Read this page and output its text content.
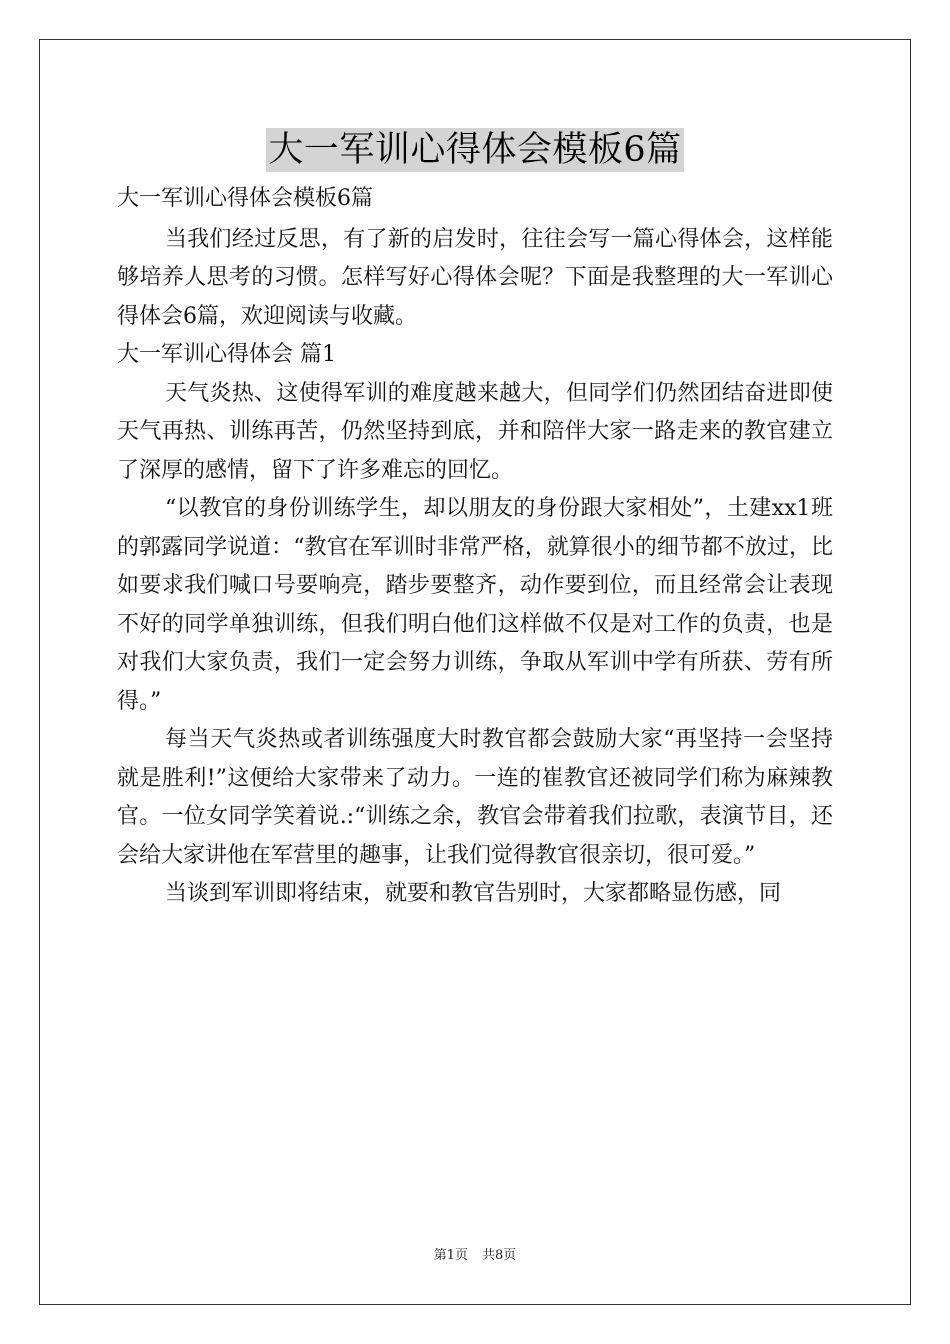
大一军训心得体会模板6篇

大一军训心得体会模板6篇

当我们经过反思，有了新的启发时，往往会写一篇心得体会，这样能够培养人思考的习惯。怎样写好心得体会呢？下面是我整理的大一军训心得体会6篇，欢迎阅读与收藏。

大一军训心得体会 篇1

天气炎热、这使得军训的难度越来越大，但同学们仍然团结奋进即使天气再热、训练再苦，仍然坚持到底，并和陪伴大家一路走来的教官建立了深厚的感情，留下了许多难忘的回忆。

“以教官的身份训练学生，却以朋友的身份跟大家相处”，土建xx1班的郭露同学说道：“教官在军训时非常严格，就算很小的细节都不放过，比如要求我们喊口号要响亮，踏步要整齐，动作要到位，而且经常会让表现不好的同学单独训练，但我们明白他们这样做不仅是对工作的负责，也是对我们大家负责，我们一定会努力训练，争取从军训中学有所获、劳有所得。”

每当天气炎热或者训练强度大时教官都会鼓励大家“再坚持一会坚持就是胜利!”这便给大家带来了动力。一连的崔教官还被同学们称为麻辣教官。一位女同学笑着说.:“训练之余，教官会带着我们拉歌，表演节目，还会给大家讲他在军营里的趣事，让我们觉得教官很亲切，很可爱。”

当谈到军训即将结束，就要和教官告别时，大家都略显伤感，同

第1页 共8页
